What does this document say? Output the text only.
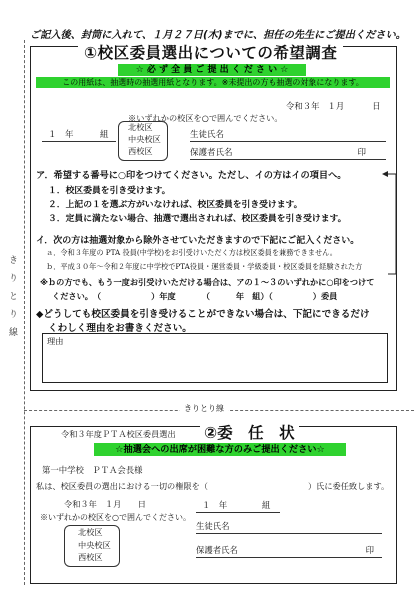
ご記入後、封筒に入れて、１月２７日(木)までに、担任の先生にご提出ください。
き　り　と　り　線
①校区委員選出についての希望調査
☆ 必 ず 全 員 ご 提 出 く だ さ い ☆
この用紙は、抽選時の抽選用紙となります。※未提出の方も抽選の対象になります。
令和３年 １月	日
※いずれかの校区を○で囲んでください。
１　年	組
北校区
中央校区
西校区
生徒氏名
保護者氏名	印
ア．希望する番号に○印をつけてください。ただし、イの方はイの項目へ。
１．校区委員を引き受けます。
２．上記の１を選ぶ方がいなければ、校区委員を引き受けます。
３．定員に満たない場合、抽選で選出されれば、校区委員を引き受けます。
イ．次の方は抽選対象から除外させていただきますので下記にご記入ください。
ａ．令和３年度の PTA 役員(中学校)をお引受けいただく方は校区委員を兼務できません。
ｂ．平成３０年～令和２年度に中学校でPTA役員・運営委員・学級委員・校区委員を経験された方
※ｂの方でも、もう一度お引受けいただける場合は、アの１～３のいずれかに○印をつけて
ください。　（	）年度	（	年　組）（	）委員
◆どうしても校区委員を引き受けることができない場合は、下記にできるだけ
くわしく理由をお書きください。
理由
きりとり線
令和３年度ＰＴＡ校区委員選出 ②委　任　状
☆抽選会への出席が困難な方のみご提出ください☆
第一中学校　ＰＴＡ会長様
私は、校区委員の選出における一切の権限を（	）氏に委任致します。
令和３年　１月　　日
※いずれかの校区を○で囲んでください。
北校区
中央校区
西校区
１　年	組
生徒氏名
保護者氏名	印
